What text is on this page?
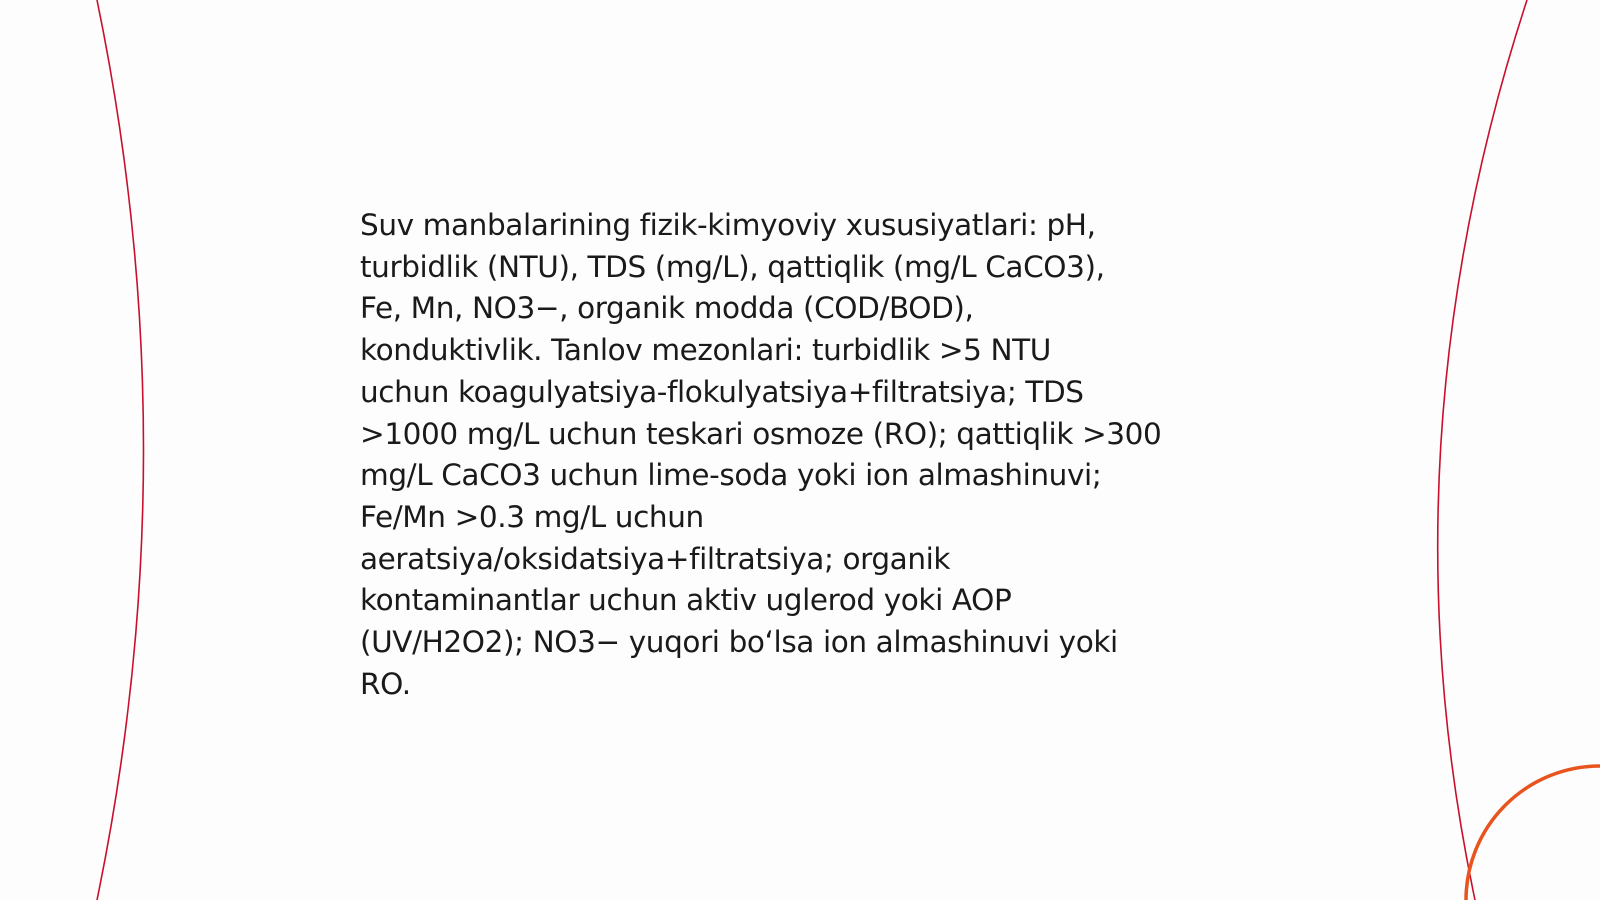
Suv manbalarining fizik-kimyoviy xususiyatlari: pH,
turbidlik (NTU), TDS (mg/L), qattiqlik (mg/L CaCO3),
Fe, Mn, NO3−, organik modda (COD/BOD),
konduktivlik. Tanlov mezonlari: turbidlik >5 NTU
uchun koagulyatsiya-flokulyatsiya+filtratsiya; TDS
>1000 mg/L uchun teskari osmoze (RO); qattiqlik >300
mg/L CaCO3 uchun lime-soda yoki ion almashinuvi;
Fe/Mn >0.3 mg/L uchun
aeratsiya/oksidatsiya+filtratsiya; organik
kontaminantlar uchun aktiv uglerod yoki AOP
(UV/H2O2); NO3− yuqori bo‘lsa ion almashinuvi yoki
RO.
